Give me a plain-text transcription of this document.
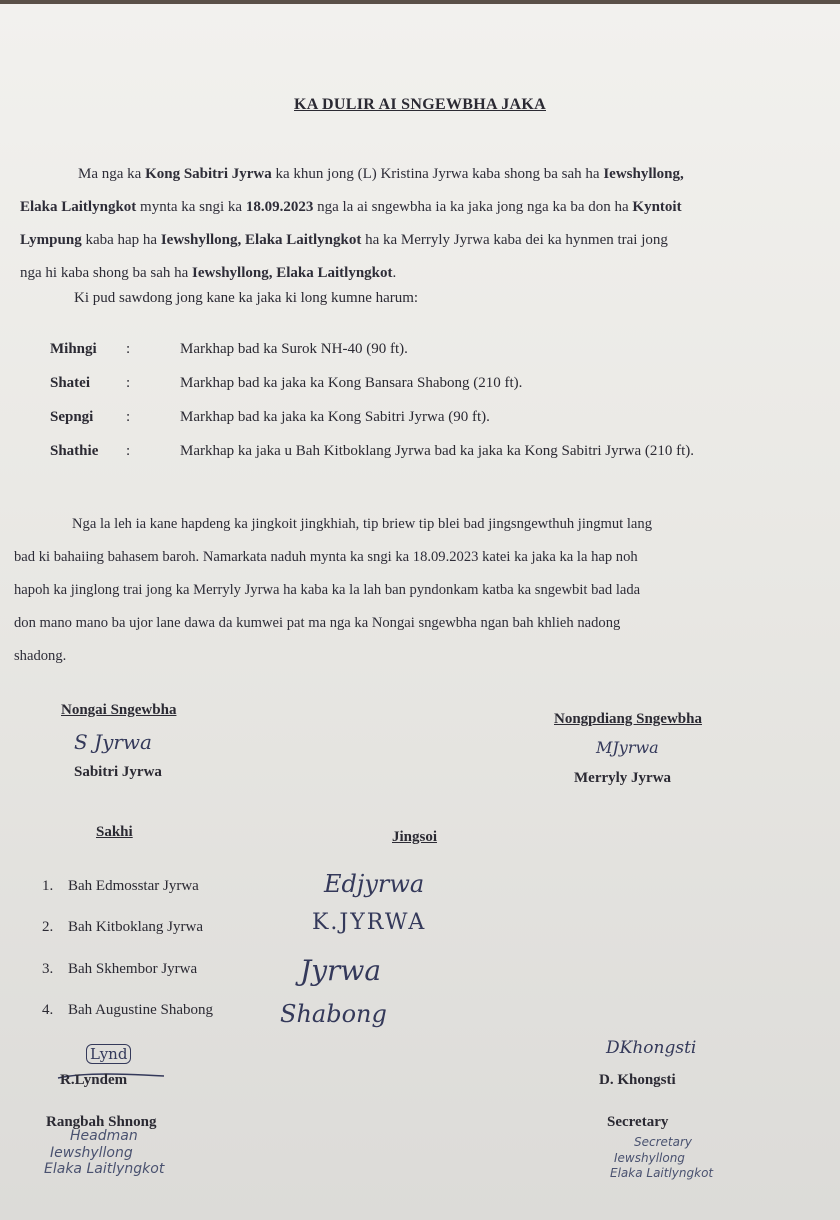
KA DULIR AI SNGEWBHA JAKA
Ma nga ka Kong Sabitri Jyrwa ka khun jong (L) Kristina Jyrwa kaba shong ba sah ha Iewshyllong,
Elaka Laitlyngkot mynta ka sngi ka 18.09.2023 nga la ai sngewbha ia ka jaka jong nga ka ba don ha Kyntoit
Lympung kaba hap ha Iewshyllong, Elaka Laitlyngkot ha ka Merryly Jyrwa kaba dei ka hynmen trai jong
nga hi kaba shong ba sah ha Iewshyllong, Elaka Laitlyngkot.
Ki pud sawdong jong kane ka jaka ki long kumne harum:
Mihngi :	Markhap bad ka Surok NH-40 (90 ft).
Shatei :	Markhap bad ka jaka ka Kong Bansara Shabong (210 ft).
Sepngi :	Markhap bad ka jaka ka Kong Sabitri Jyrwa (90 ft).
Shathie :	Markhap ka jaka u Bah Kitboklang Jyrwa bad ka jaka ka Kong Sabitri Jyrwa (210 ft).
Nga la leh ia kane hapdeng ka jingkoit jingkhiah, tip briew tip blei bad jingsngewthuh jingmut lang
bad ki bahaiing bahasem baroh. Namarkata naduh mynta ka sngi ka 18.09.2023 katei ka jaka ka la hap noh
hapoh ka jinglong trai jong ka Merryly Jyrwa ha kaba ka la lah ban pyndonkam katba ka sngewbit bad lada
don mano mano ba ujor lane dawa da kumwei pat ma nga ka Nongai sngewbha ngan bah khlieh nadong
shadong.
Nongai Sngewbha
S Jyrwa
Sabitri Jyrwa
Nongpdiang Sngewbha
MJyrwa
Merryly Jyrwa
Sakhi	Jingsoi
1. Bah Edmosstar Jyrwa	Edjyrwa
2. Bah Kitboklang Jyrwa	K.JYRWA
3. Bah Skhembor Jyrwa	Jyrwa
4. Bah Augustine Shabong	Shabong
Lynd
R.Lyndem
Rangbah Shnong
Headman
Iewshyllong
Elaka Laitlyngkot
DKhongsti
D. Khongsti
Secretary
Secretary
Iewshyllong
Elaka Laitlyngkot
